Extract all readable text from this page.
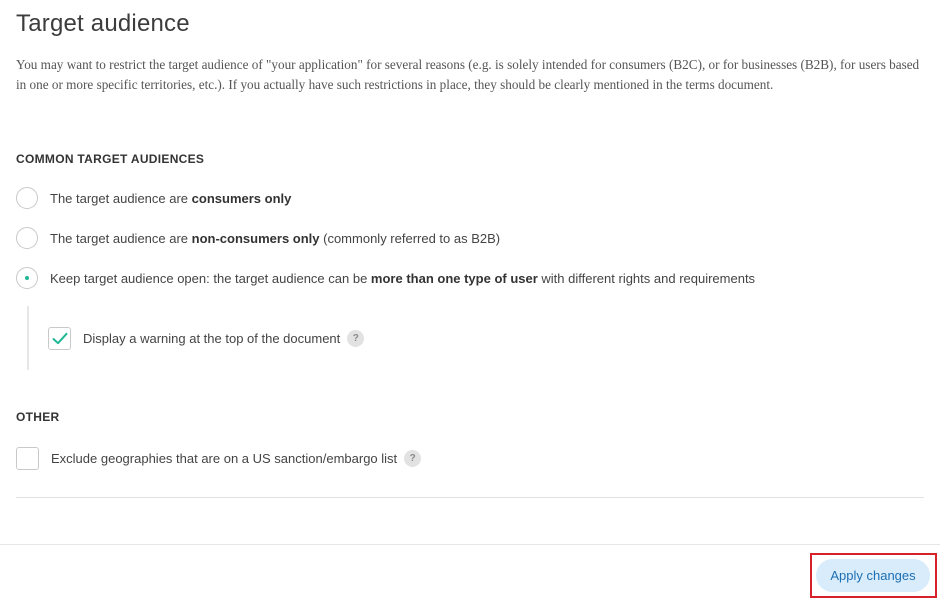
Target audience
You may want to restrict the target audience of "your application" for several reasons (e.g. is solely intended for consumers (B2C), or for businesses (B2B), for users based in one or more specific territories, etc.). If you actually have such restrictions in place, they should be clearly mentioned in the terms document.
COMMON TARGET AUDIENCES
The target audience are consumers only
The target audience are non-consumers only (commonly referred to as B2B)
Keep target audience open: the target audience can be more than one type of user with different rights and requirements
Display a warning at the top of the document	?
OTHER
Exclude geographies that are on a US sanction/embargo list	?
Apply changes
